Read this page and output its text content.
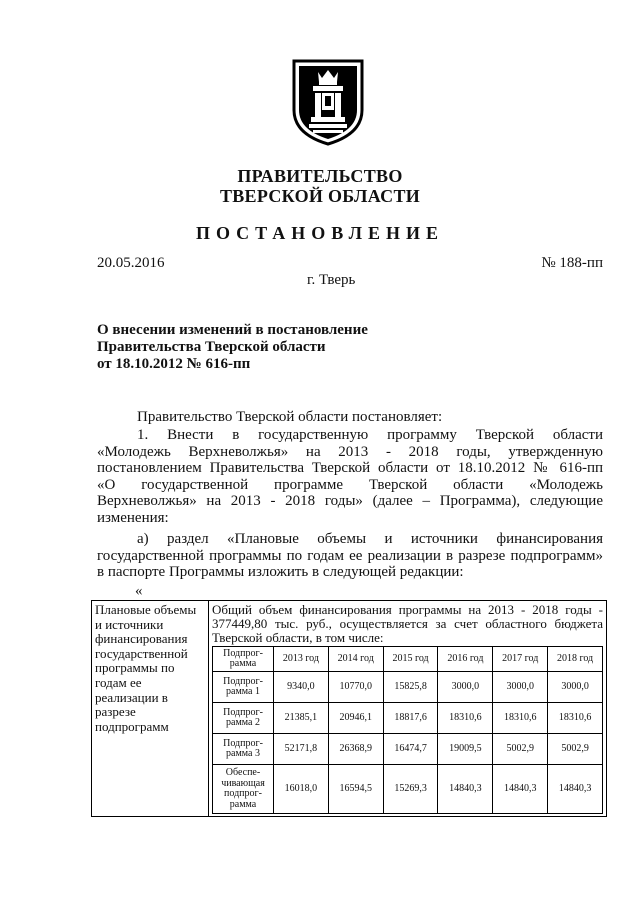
ПРАВИТЕЛЬСТВО
ТВЕРСКОЙ ОБЛАСТИ
ПОСТАНОВЛЕНИЕ
20.05.2016	№ 188-пп
г. Тверь
О внесении изменений в постановление
Правительства Тверской области
от 18.10.2012 № 616-пп
Правительство Тверской области постановляет:
1. Внести в государственную программу Тверской области
«Молодежь Верхневолжья» на 2013 - 2018 годы, утвержденную
постановлением Правительства Тверской области от 18.10.2012 № 616-пп
«О государственной программе Тверской области «Молодежь
Верхневолжья» на 2013 - 2018 годы» (далее – Программа), следующие
изменения:
а) раздел «Плановые объемы и источники финансирования
государственной программы по годам ее реализации в разрезе подпрограмм»
в паспорте Программы изложить в следующей редакции:
«
Плановые объемы и источники финансирования государственной программы по годам ее реализации в разрезе подпрограмм	
Общий объем финансирования программы на 2013 - 2018 годы - 377449,80 тыс. руб., осуществляется за счет областного бюджета Тверской области, в том числе:
Подпрог-рамма	2013 год	2014 год	2015 год	2016 год	2017 год	2018 год
Подпрог-рамма 1	9340,0	10770,0	15825,8	3000,0	3000,0	3000,0
Подпрог-рамма 2	21385,1	20946,1	18817,6	18310,6	18310,6	18310,6
Подпрог-рамма 3	52171,8	26368,9	16474,7	19009,5	5002,9	5002,9
Обеспе-чивающая подпрог-рамма	16018,0	16594,5	15269,3	14840,3	14840,3	14840,3
